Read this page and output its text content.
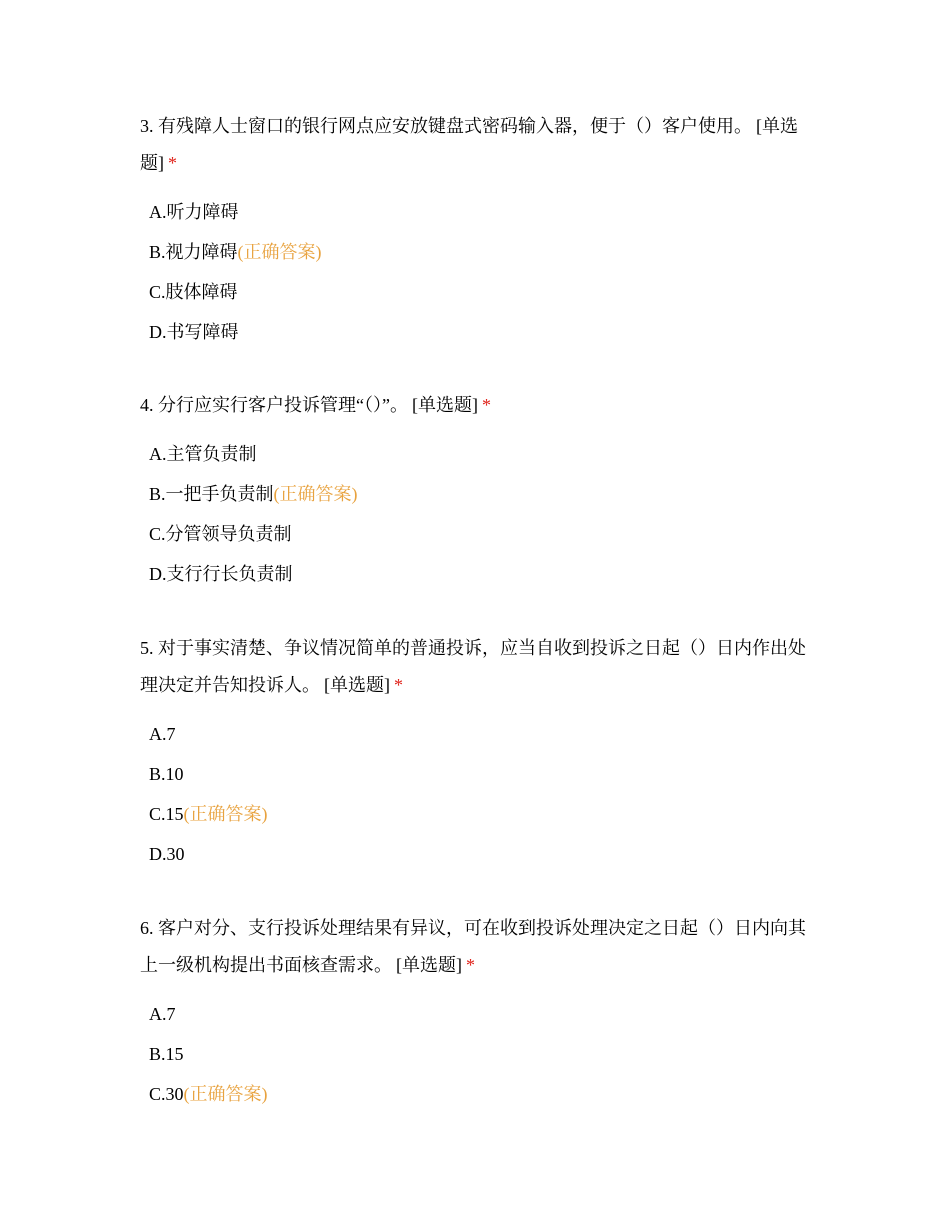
3. 有残障人士窗口的银行网点应安放键盘式密码输入器，便于（）客户使用。 [单选题] *

A.听力障碍
B.视力障碍(正确答案)
C.肢体障碍
D.书写障碍

4. 分行应实行客户投诉管理“（）”。 [单选题] *

A.主管负责制
B.一把手负责制(正确答案)
C.分管领导负责制
D.支行行长负责制

5. 对于事实清楚、争议情况简单的普通投诉，应当自收到投诉之日起（）日内作出处理决定并告知投诉人。 [单选题] *

A.7
B.10
C.15(正确答案)
D.30

6. 客户对分、支行投诉处理结果有异议，可在收到投诉处理决定之日起（）日内向其上一级机构提出书面核查需求。 [单选题] *

A.7
B.15
C.30(正确答案)
